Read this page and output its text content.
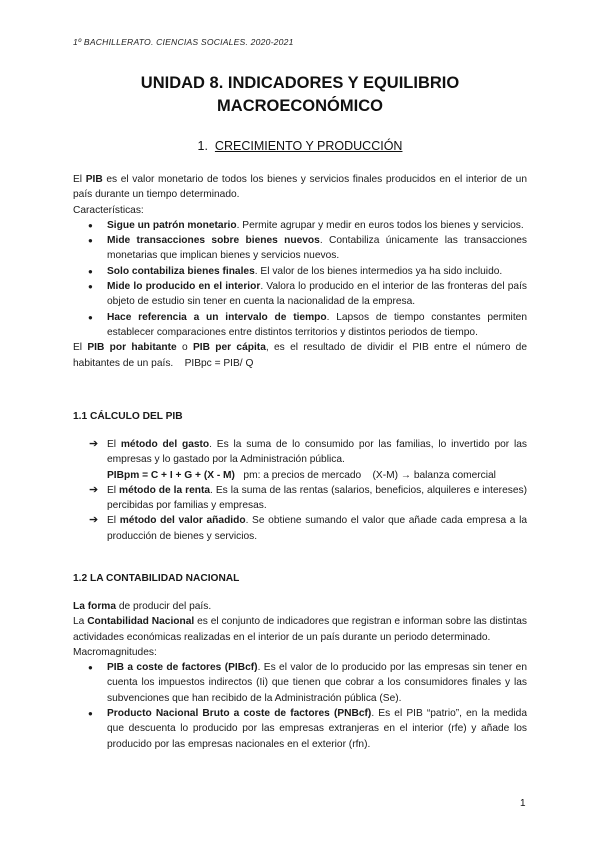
1º BACHILLERATO. CIENCIAS SOCIALES. 2020-2021
UNIDAD 8. INDICADORES Y EQUILIBRIO
MACROECONÓMICO
1. CRECIMIENTO Y PRODUCCIÓN

El PIB es el valor monetario de todos los bienes y servicios finales producidos en el interior de un país durante un tiempo determinado.

Características:

● Sigue un patrón monetario. Permite agrupar y medir en euros todos los bienes y servicios.
● Mide transacciones sobre bienes nuevos. Contabiliza únicamente las transacciones monetarias que implican bienes y servicios nuevos.
● Solo contabiliza bienes finales. El valor de los bienes intermedios ya ha sido incluido.
● Mide lo producido en el interior. Valora lo producido en el interior de las fronteras del país objeto de estudio sin tener en cuenta la nacionalidad de la empresa.
● Hace referencia a un intervalo de tiempo. Lapsos de tiempo constantes permiten establecer comparaciones entre distintos territorios y distintos periodos de tiempo.

El PIB por habitante o PIB per cápita, es el resultado de dividir el PIB entre el número de habitantes de un país. PIBpc = PIB/ Q

1.1 CÁLCULO DEL PIB
➔ El método del gasto. Es la suma de lo consumido por las familias, lo invertido por las empresas y lo gastado por la Administración pública.
PIBpm = C + I + G + (X - M)   pm: a precios de mercado    (X-M) → balanza comercial
➔ El método de la renta. Es la suma de las rentas (salarios, beneficios, alquileres e intereses) percibidas por familias y empresas.
➔ El método del valor añadido. Se obtiene sumando el valor que añade cada empresa a la producción de bienes y servicios.
1.2 LA CONTABILIDAD NACIONAL

La forma de producir del país.

La Contabilidad Nacional es el conjunto de indicadores que registran e informan sobre las distintas actividades económicas realizadas en el interior de un país durante un periodo determinado.

Macromagnitudes:

● PIB a coste de factores (PIBcf). Es el valor de lo producido por las empresas sin tener en cuenta los impuestos indirectos (Ii) que tienen que cobrar a los consumidores finales y las subvenciones que han recibido de la Administración pública (Se).
● Producto Nacional Bruto a coste de factores (PNBcf). Es el PIB “patrio”, en la medida que descuenta lo producido por las empresas extranjeras en el interior (rfe) y añade los producido por las empresas nacionales en el exterior (rfn).
1
